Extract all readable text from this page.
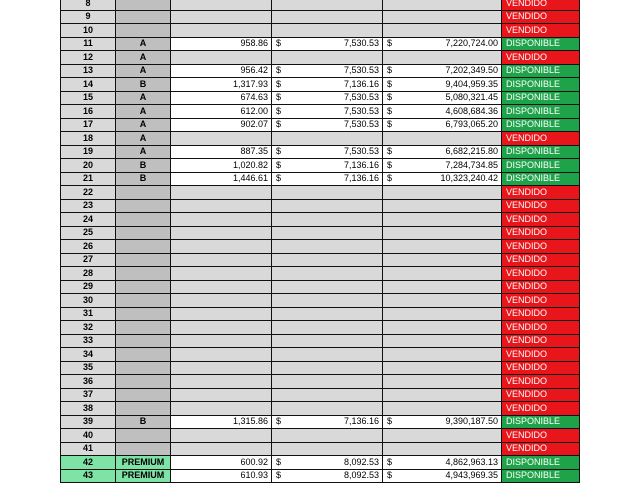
8					VENDIDO
9					VENDIDO
10					VENDIDO
11	A	958.86	$ 7,530.53	$ 7,220,724.00	DISPONIBLE
12	A				VENDIDO
13	A	956.42	$ 7,530.53	$ 7,202,349.50	DISPONIBLE
14	B	1,317.93	$ 7,136.16	$ 9,404,959.35	DISPONIBLE
15	A	674.63	$ 7,530.53	$ 5,080,321.45	DISPONIBLE
16	A	612.00	$ 7,530.53	$ 4,608,684.36	DISPONIBLE
17	A	902.07	$ 7,530.53	$ 6,793,065.20	DISPONIBLE
18	A				VENDIDO
19	A	887.35	$ 7,530.53	$ 6,682,215.80	DISPONIBLE
20	B	1,020.82	$ 7,136.16	$ 7,284,734.85	DISPONIBLE
21	B	1,446.61	$ 7,136.16	$ 10,323,240.42	DISPONIBLE
22					VENDIDO
23					VENDIDO
24					VENDIDO
25					VENDIDO
26					VENDIDO
27					VENDIDO
28					VENDIDO
29					VENDIDO
30					VENDIDO
31					VENDIDO
32					VENDIDO
33					VENDIDO
34					VENDIDO
35					VENDIDO
36					VENDIDO
37					VENDIDO
38					VENDIDO
39	B	1,315.86	$ 7,136.16	$ 9,390,187.50	DISPONIBLE
40					VENDIDO
41					VENDIDO
42	PREMIUM	600.92	$ 8,092.53	$ 4,862,963.13	DISPONIBLE
43	PREMIUM	610.93	$ 8,092.53	$ 4,943,969.35	DISPONIBLE
